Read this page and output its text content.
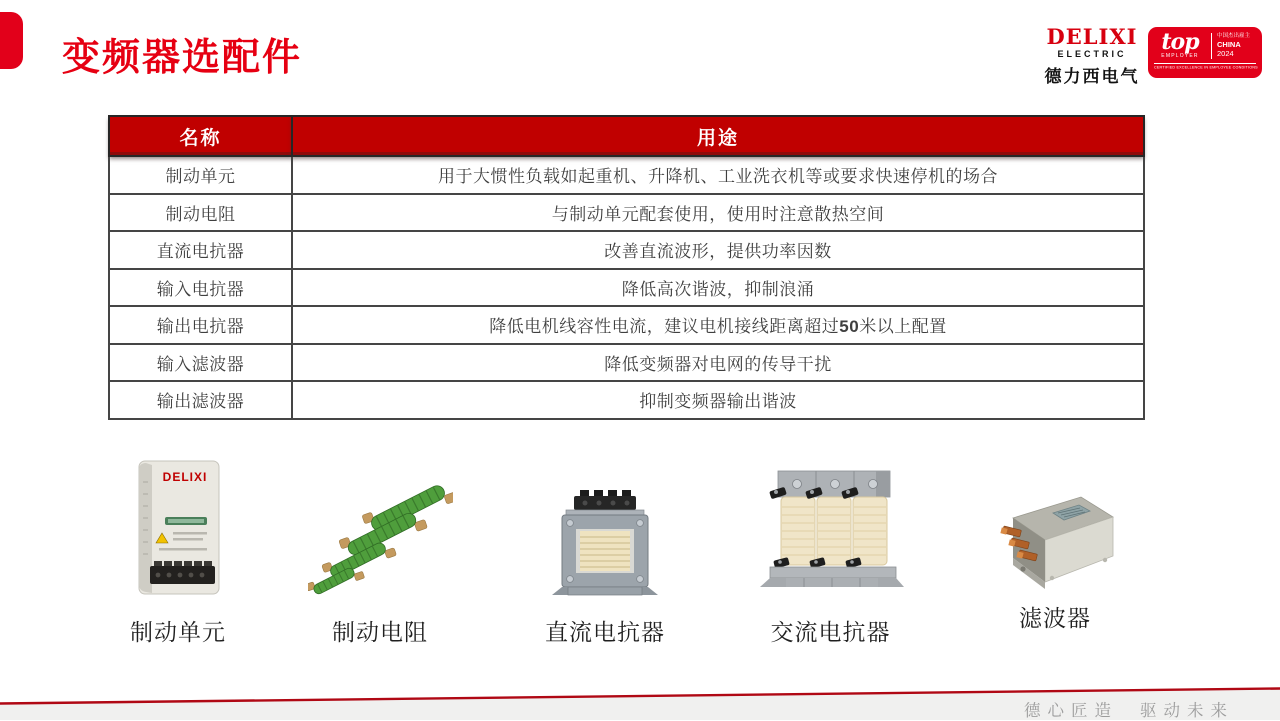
变频器选配件
DELIXI
ELECTRIC
德力西电气
top
EMPLOYER
中国杰出雇主
CHINA
2024
CERTIFIED EXCELLENCE IN EMPLOYEE CONDITIONS
名称	用途
制动单元	用于大惯性负载如起重机、升降机、工业洗衣机等或要求快速停机的场合
制动电阻	与制动单元配套使用，使用时注意散热空间
直流电抗器	改善直流波形，提供功率因数
输入电抗器	降低高次谐波，抑制浪涌
输出电抗器	降低电机线容性电流，建议电机接线距离超过50米以上配置
输入滤波器	降低变频器对电网的传导干扰
输出滤波器	抑制变频器输出谐波
DELIXI
制动单元	制动电阻	直流电抗器	交流电抗器
滤波器
德心匠造 驱动未来
